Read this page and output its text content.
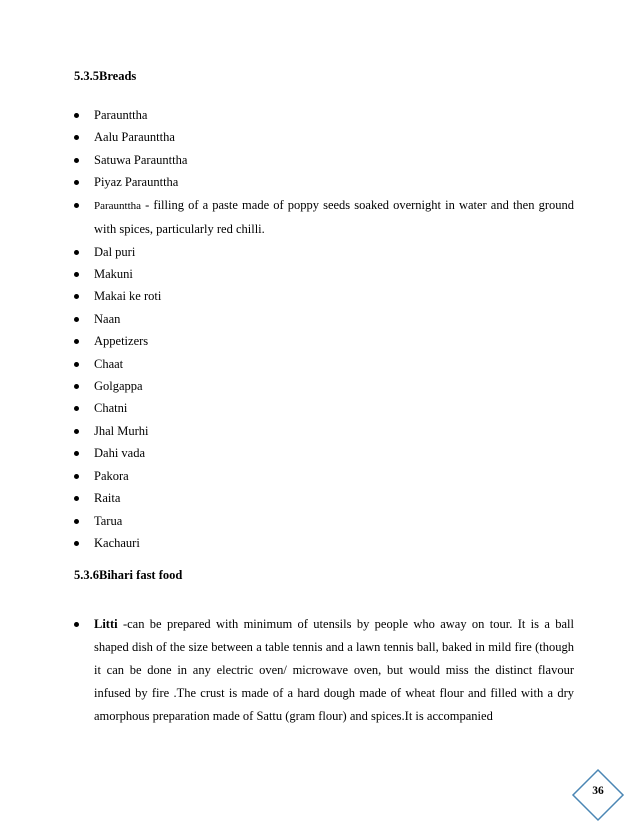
5.3.5Breads
Paraunttha
Aalu Paraunttha
Satuwa Paraunttha
Piyaz Paraunttha
Paraunttha - filling of a paste made of poppy seeds soaked overnight in water and then ground with spices, particularly red chilli.
Dal puri
Makuni
Makai ke roti
Naan
Appetizers
Chaat
Golgappa
Chatni
Jhal Murhi
Dahi vada
Pakora
Raita
Tarua
Kachauri
5.3.6Bihari fast food
Litti -can be prepared with minimum of utensils by people who away on tour. It is a ball shaped dish of the size between a table tennis and a lawn tennis ball, baked in mild fire (though it can be done in any electric oven/ microwave oven, but would miss the distinct flavour infused by fire .The crust is made of a hard dough made of wheat flour and filled with a dry amorphous preparation made of Sattu (gram flour) and spices.It is accompanied
36
